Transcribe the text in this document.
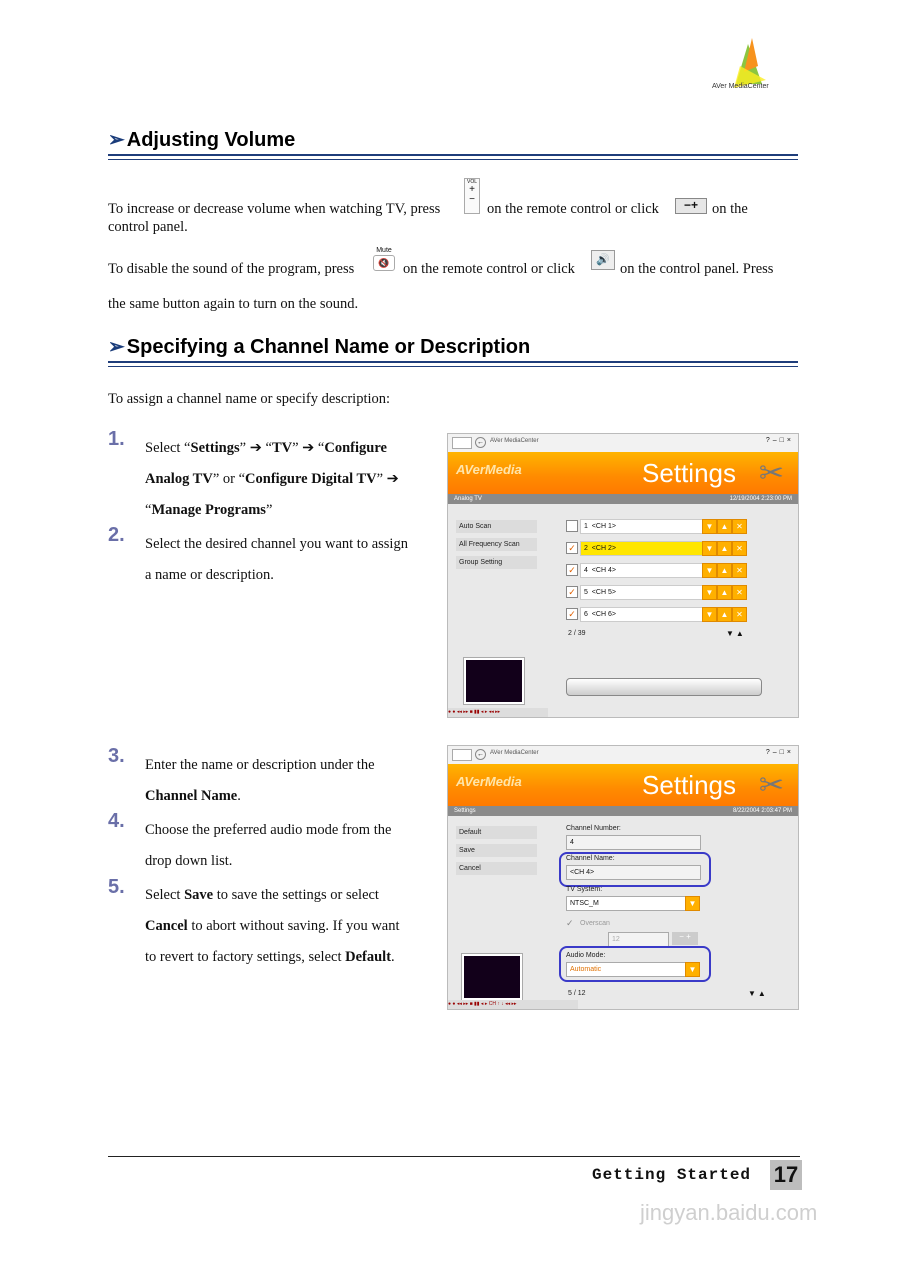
AVer MediaCenter
➢ Adjusting Volume
To increase or decrease volume when watching TV, press
VOL
+
−
on the remote control or click	−+ on the
control panel.
To disable the sound of the program, press
Mute
🔇 on the remote control or click
🔊
on the control panel. Press
the same button again to turn on the sound.
➢ Specifying a Channel Name or Description
To assign a channel name or specify description:
1. Select “Settings” ➔ “TV” ➔ “Configure
Analog TV” or “Configure Digital TV” ➔
“Manage Programs”
2. Select the desired channel you want to assign
a name or description.
←	AVer MediaCenter	?–□×
AVerMedia	Settings ✂
Analog TV	12/19/2004 2:23:00 PM
Auto Scan
All Frequency Scan
Group Setting
1 <CH 1>	▼ ▲ ✕
✓	2 <CH 2>	▼ ▲ ✕
✓	4 <CH 4>	▼ ▲ ✕
✓	5 <CH 5>	▼ ▲ ✕
✓	6 <CH 6>	▼ ▲ ✕
2 / 39	▼▲
● ● ◂◂ ▸▸ ■ ▮▮ ◂ ▸ ◂◂ ▸▸
3. Enter the name or description under the
Channel Name.
4. Choose the preferred audio mode from the
drop down list.
5. Select Save to save the settings or select
Cancel to abort without saving. If you want
to revert to factory settings, select Default.
←	AVer MediaCenter	?–□×
AVerMedia	Settings ✂
Settings	8/22/2004 2:03:47 PM
Default
Save
Cancel
Channel Number:
4
Channel Name:
<CH 4>
TV System:
NTSC_M	▼
✓ Overscan
12	− +
Audio Mode:
Automatic	▼
5 / 12	▼▲
● ● ◂◂ ▸▸ ■ ▮▮ ◂ ▸ CH ↑ ↓ ◂◂ ▸▸
Getting Started 17
jingyan.baidu.com
